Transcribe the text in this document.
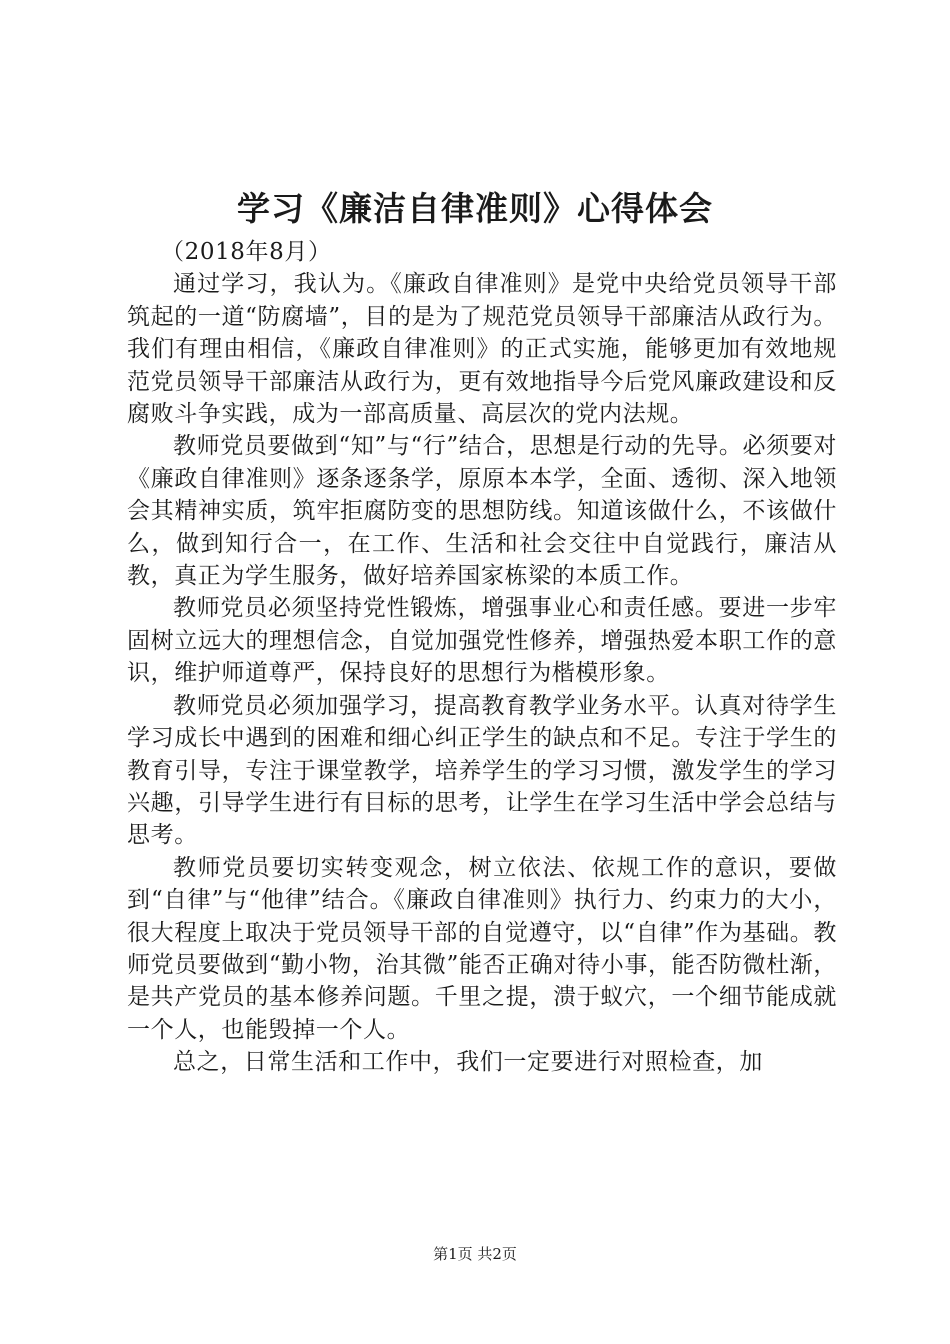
学习《廉洁自律准则》心得体会

（2018年8月）

通过学习，我认为。《廉政自律准则》是党中央给党员领导干部筑起的一道“防腐墙”，目的是为了规范党员领导干部廉洁从政行为。我们有理由相信，《廉政自律准则》的正式实施，能够更加有效地规范党员领导干部廉洁从政行为，更有效地指导今后党风廉政建设和反腐败斗争实践，成为一部高质量、高层次的党内法规。

教师党员要做到“知”与“行”结合，思想是行动的先导。必须要对《廉政自律准则》逐条逐条学，原原本本学，全面、透彻、深入地领会其精神实质，筑牢拒腐防变的思想防线。知道该做什么，不该做什么，做到知行合一，在工作、生活和社会交往中自觉践行，廉洁从教，真正为学生服务，做好培养国家栋梁的本质工作。

教师党员必须坚持党性锻炼，增强事业心和责任感。要进一步牢固树立远大的理想信念，自觉加强党性修养，增强热爱本职工作的意识，维护师道尊严，保持良好的思想行为楷模形象。

教师党员必须加强学习，提高教育教学业务水平。认真对待学生学习成长中遇到的困难和细心纠正学生的缺点和不足。专注于学生的教育引导，专注于课堂教学，培养学生的学习习惯，激发学生的学习兴趣，引导学生进行有目标的思考，让学生在学习生活中学会总结与思考。

教师党员要切实转变观念，树立依法、依规工作的意识，要做到“自律”与“他律”结合。《廉政自律准则》执行力、约束力的大小，很大程度上取决于党员领导干部的自觉遵守，以“自律”作为基础。教师党员要做到“勤小物，治其微”能否正确对待小事，能否防微杜渐，是共产党员的基本修养问题。千里之提，溃于蚁穴，一个细节能成就一个人，也能毁掉一个人。

总之，日常生活和工作中，我们一定要进行对照检查，加

第1页 共2页
